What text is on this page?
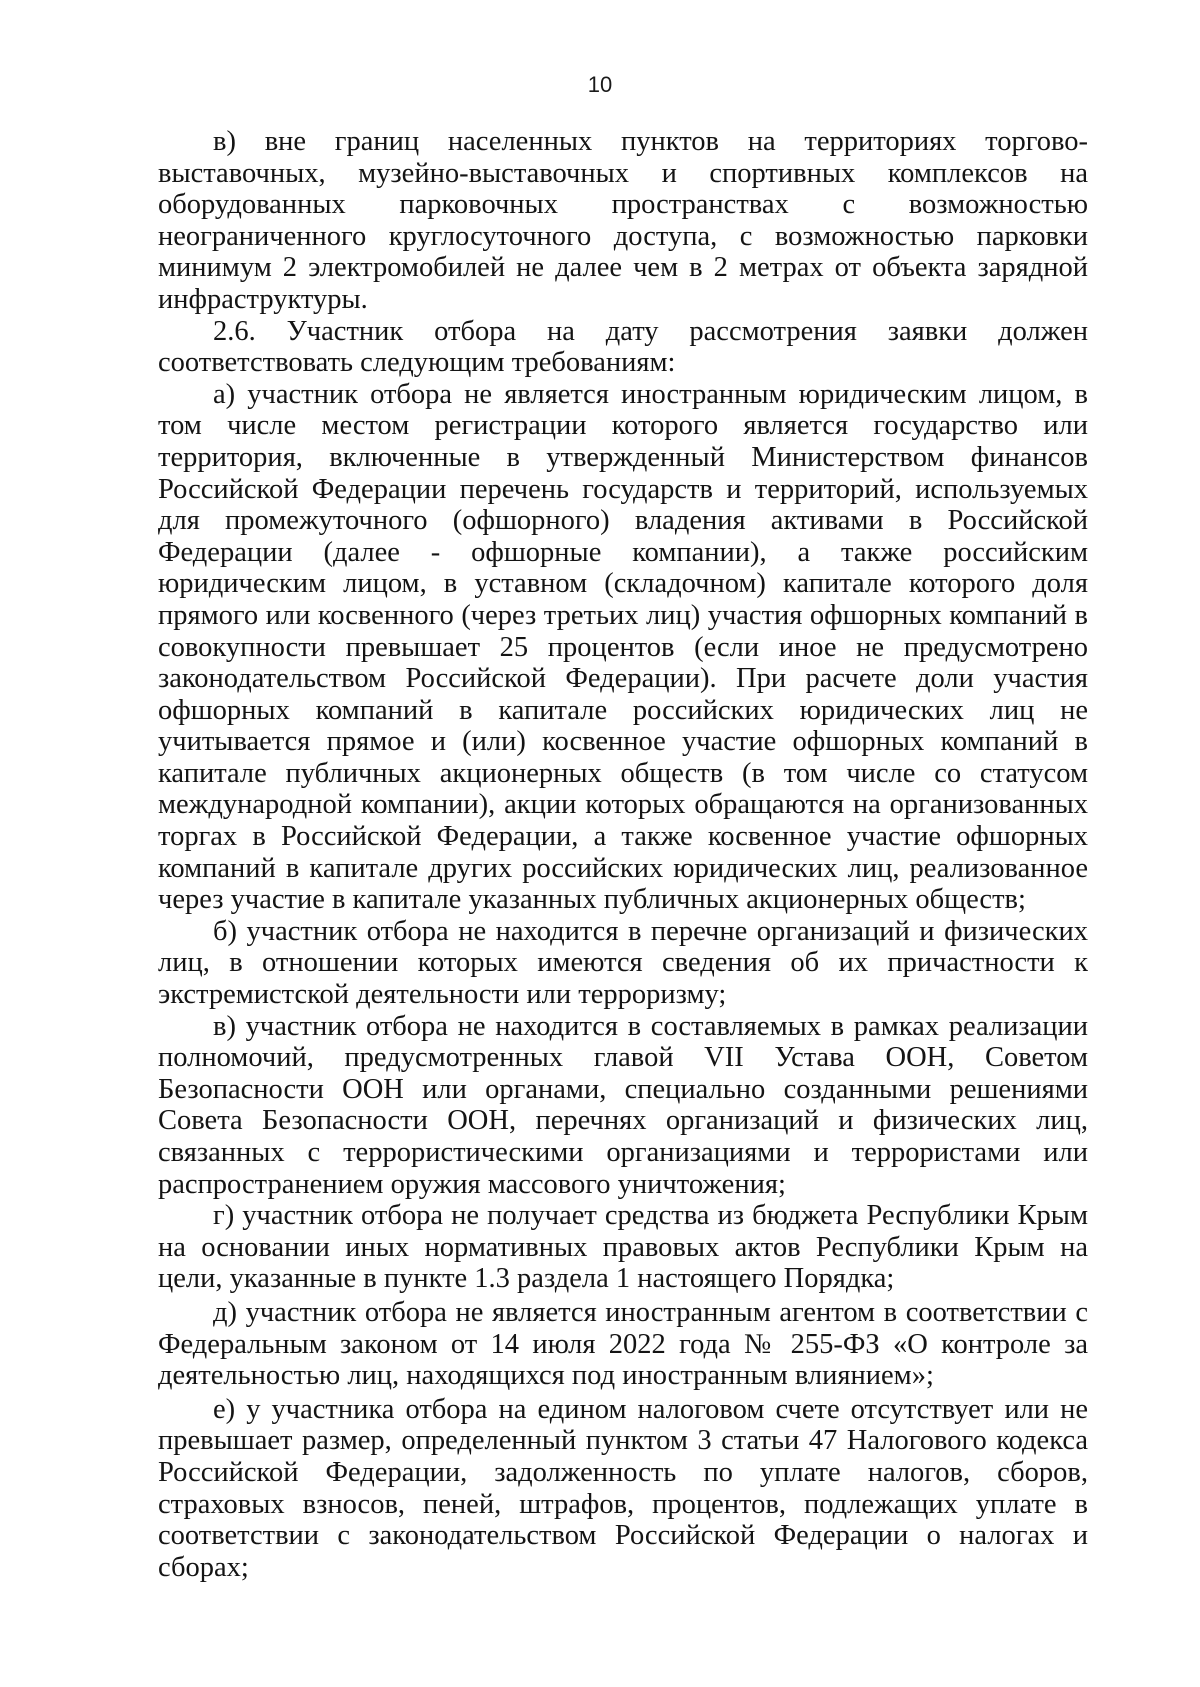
10

в) вне границ населенных пунктов на территориях торгово-выставочных, музейно-выставочных и спортивных комплексов на оборудованных парковочных пространствах с возможностью неограниченного круглосуточного доступа, с возможностью парковки минимум 2 электромобилей не далее чем в 2 метрах от объекта зарядной инфраструктуры.

2.6. Участник отбора на дату рассмотрения заявки должен соответствовать следующим требованиям:

а) участник отбора не является иностранным юридическим лицом, в том числе местом регистрации которого является государство или территория, включенные в утвержденный Министерством финансов Российской Федерации перечень государств и территорий, используемых для промежуточного (офшорного) владения активами в Российской Федерации (далее - офшорные компании), а также российским юридическим лицом, в уставном (складочном) капитале которого доля прямого или косвенного (через третьих лиц) участия офшорных компаний в совокупности превышает 25 процентов (если иное не предусмотрено законодательством Российской Федерации). При расчете доли участия офшорных компаний в капитале российских юридических лиц не учитывается прямое и (или) косвенное участие офшорных компаний в капитале публичных акционерных обществ (в том числе со статусом международной компании), акции которых обращаются на организованных торгах в Российской Федерации, а также косвенное участие офшорных компаний в капитале других российских юридических лиц, реализованное через участие в капитале указанных публичных акционерных обществ;

б) участник отбора не находится в перечне организаций и физических лиц, в отношении которых имеются сведения об их причастности к экстремистской деятельности или терроризму;

в) участник отбора не находится в составляемых в рамках реализации полномочий, предусмотренных главой VII Устава ООН, Советом Безопасности ООН или органами, специально созданными решениями Совета Безопасности ООН, перечнях организаций и физических лиц, связанных с террористическими организациями и террористами или распространением оружия массового уничтожения;

г) участник отбора не получает средства из бюджета Республики Крым на основании иных нормативных правовых актов Республики Крым на цели, указанные в пункте 1.3 раздела 1 настоящего Порядка;

д) участник отбора не является иностранным агентом в соответствии с Федеральным законом от 14 июля 2022 года № 255-ФЗ «О контроле за деятельностью лиц, находящихся под иностранным влиянием»;

е) у участника отбора на едином налоговом счете отсутствует или не превышает размер, определенный пунктом 3 статьи 47 Налогового кодекса Российской Федерации, задолженность по уплате налогов, сборов, страховых взносов, пеней, штрафов, процентов, подлежащих уплате в соответствии с законодательством Российской Федерации о налогах и сборах;
